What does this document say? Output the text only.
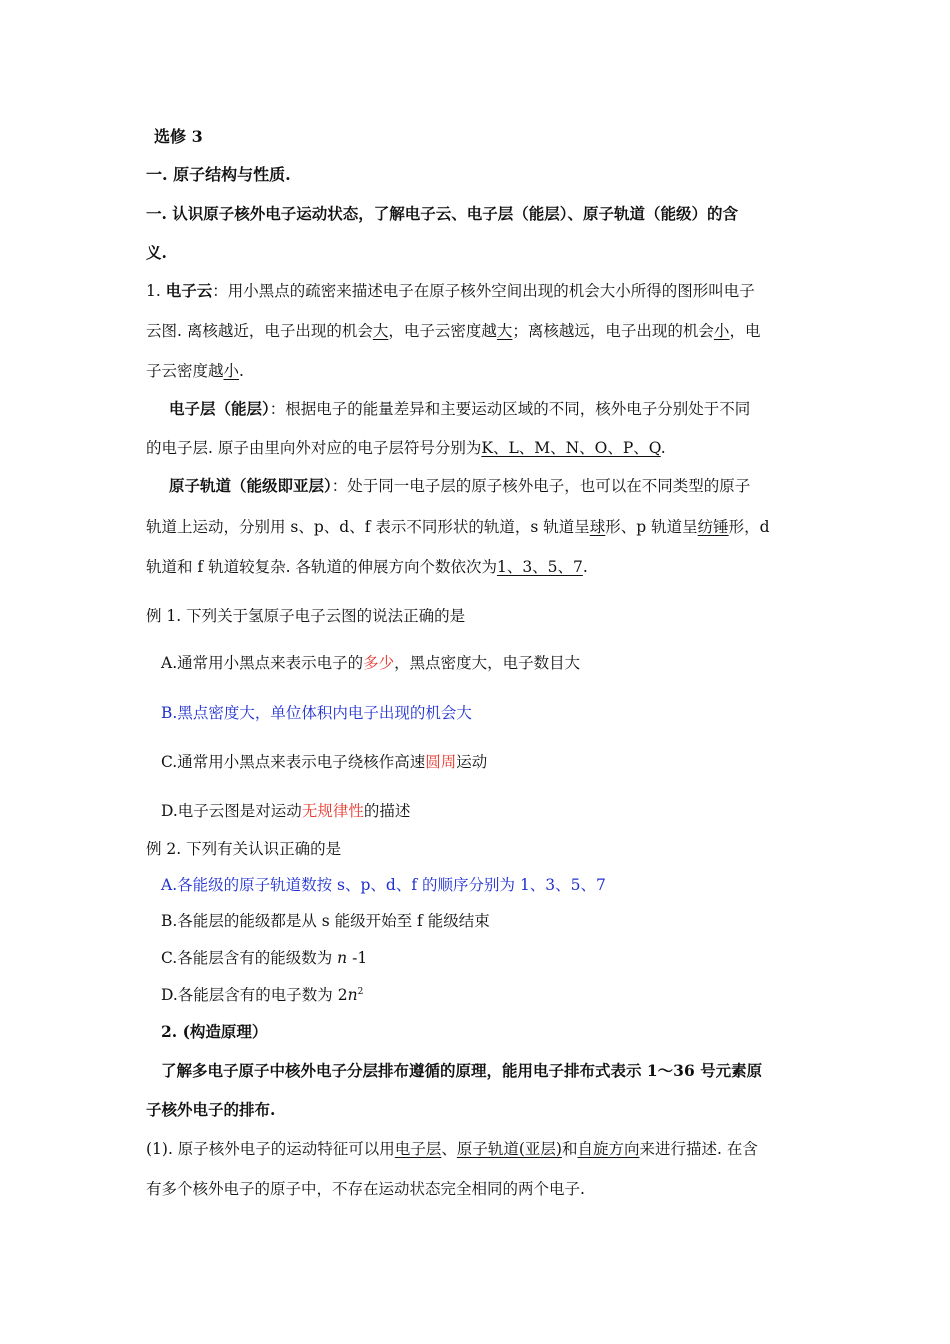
选修 3
一. 原子结构与性质.
一. 认识原子核外电子运动状态，了解电子云、电子层（能层）、原子轨道（能级）的含
义.
1. 电子云：用小黑点的疏密来描述电子在原子核外空间出现的机会大小所得的图形叫电子
云图. 离核越近，电子出现的机会大，电子云密度越大；离核越远，电子出现的机会小，电
子云密度越小.
电子层（能层）：根据电子的能量差异和主要运动区域的不同，核外电子分别处于不同
的电子层. 原子由里向外对应的电子层符号分别为K、L、M、N、O、P、Q.
原子轨道（能级即亚层）：处于同一电子层的原子核外电子，也可以在不同类型的原子
轨道上运动，分别用 s、p、d、f 表示不同形状的轨道，s 轨道呈球形、p 轨道呈纺锤形，d
轨道和 f 轨道较复杂. 各轨道的伸展方向个数依次为1、3、5、7.
例 1. 下列关于氢原子电子云图的说法正确的是
A.通常用小黑点来表示电子的多少，黑点密度大，电子数目大
B.黑点密度大，单位体积内电子出现的机会大
C.通常用小黑点来表示电子绕核作高速圆周运动
D.电子云图是对运动无规律性的描述
例 2. 下列有关认识正确的是
A.各能级的原子轨道数按 s、p、d、f 的顺序分别为 1、3、5、7
B.各能层的能级都是从 s 能级开始至 f 能级结束
C.各能层含有的能级数为 n -1
D.各能层含有的电子数为 $2n^2$
2. (构造原理）
了解多电子原子中核外电子分层排布遵循的原理，能用电子排布式表示 1～36 号元素原
子核外电子的排布.
(1). 原子核外电子的运动特征可以用电子层、原子轨道(亚层)和自旋方向来进行描述. 在含
有多个核外电子的原子中，不存在运动状态完全相同的两个电子.
